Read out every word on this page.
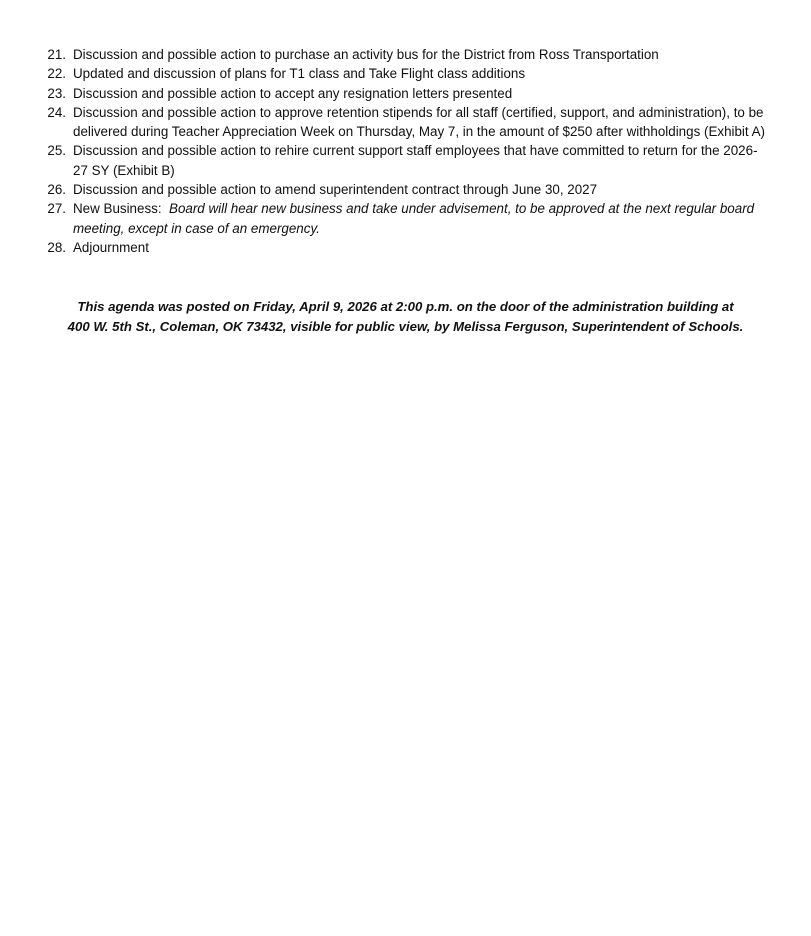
21. Discussion and possible action to purchase an activity bus for the District from Ross Transportation
22. Updated and discussion of plans for T1 class and Take Flight class additions
23. Discussion and possible action to accept any resignation letters presented
24. Discussion and possible action to approve retention stipends for all staff (certified, support, and administration), to be delivered during Teacher Appreciation Week on Thursday, May 7, in the amount of $250 after withholdings (Exhibit A)
25. Discussion and possible action to rehire current support staff employees that have committed to return for the 2026-27 SY (Exhibit B)
26. Discussion and possible action to amend superintendent contract through June 30, 2027
27. New Business:  Board will hear new business and take under advisement, to be approved at the next regular board meeting, except in case of an emergency.
28. Adjournment

This agenda was posted on Friday, April 9, 2026 at 2:00 p.m. on the door of the administration building at
400 W. 5th St., Coleman, OK 73432, visible for public view, by Melissa Ferguson, Superintendent of Schools.
